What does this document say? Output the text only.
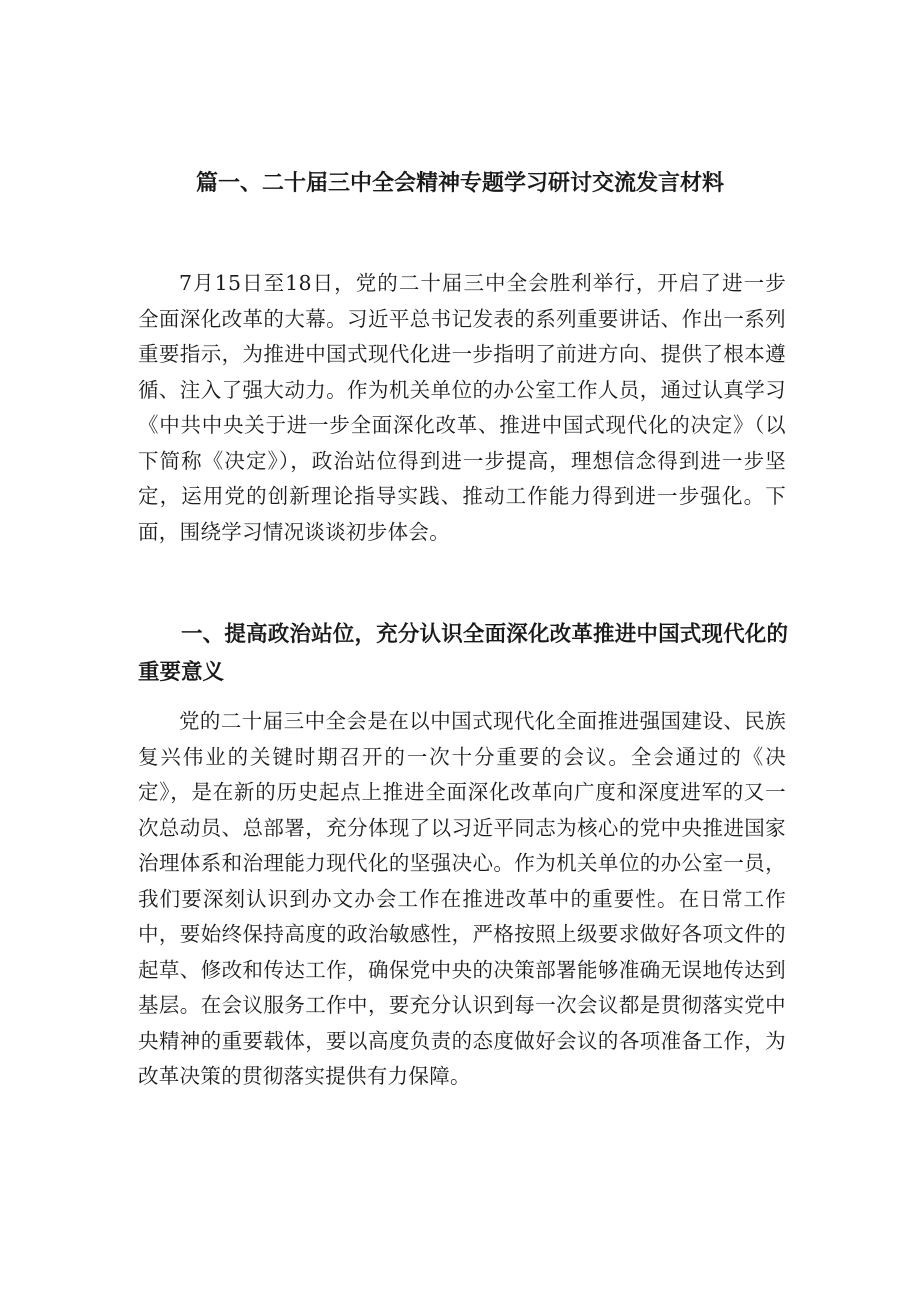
篇一、二十届三中全会精神专题学习研讨交流发言材料

7月15日至18日，党的二十届三中全会胜利举行，开启了进一步全面深化改革的大幕。习近平总书记发表的系列重要讲话、作出一系列重要指示，为推进中国式现代化进一步指明了前进方向、提供了根本遵循、注入了强大动力。作为机关单位的办公室工作人员，通过认真学习《中共中央关于进一步全面深化改革、推进中国式现代化的决定》（以下简称《决定》），政治站位得到进一步提高，理想信念得到进一步坚定，运用党的创新理论指导实践、推动工作能力得到进一步强化。下面，围绕学习情况谈谈初步体会。

一、提高政治站位，充分认识全面深化改革推进中国式现代化的重要意义

党的二十届三中全会是在以中国式现代化全面推进强国建设、民族复兴伟业的关键时期召开的一次十分重要的会议。全会通过的《决定》，是在新的历史起点上推进全面深化改革向广度和深度进军的又一次总动员、总部署，充分体现了以习近平同志为核心的党中央推进国家治理体系和治理能力现代化的坚强决心。作为机关单位的办公室一员，我们要深刻认识到办文办会工作在推进改革中的重要性。在日常工作中，要始终保持高度的政治敏感性，严格按照上级要求做好各项文件的起草、修改和传达工作，确保党中央的决策部署能够准确无误地传达到基层。在会议服务工作中，要充分认识到每一次会议都是贯彻落实党中央精神的重要载体，要以高度负责的态度做好会议的各项准备工作，为改革决策的贯彻落实提供有力保障。
